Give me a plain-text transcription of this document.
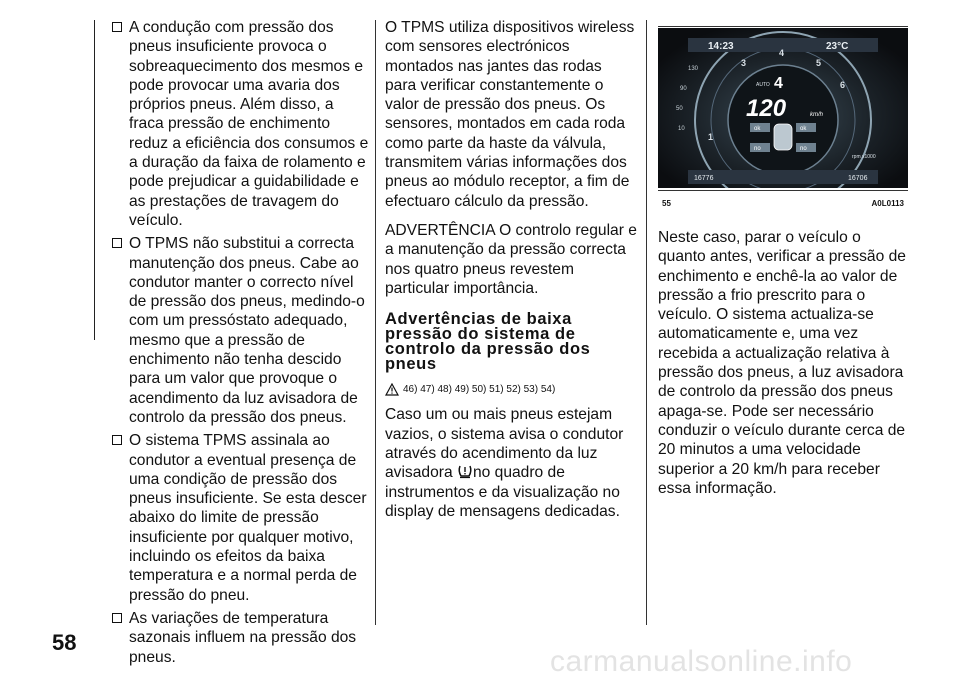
58
A condução com pressão dos pneus insuficiente provoca o sobreaquecimento dos mesmos e pode provocar uma avaria dos próprios pneus. Além disso, a fraca pressão de enchimento reduz a eficiência dos consumos e a duração da faixa de rolamento e pode prejudicar a guidabilidade e as prestações de travagem do veículo.
O TPMS não substitui a correcta manutenção dos pneus. Cabe ao condutor manter o correcto nível de pressão dos pneus, medindo-o com um pressóstato adequado, mesmo que a pressão de enchimento não tenha descido para um valor que provoque o acendimento da luz avisadora de controlo da pressão dos pneus.
O sistema TPMS assinala ao condutor a eventual presença de uma condição de pressão dos pneus insuficiente. Se esta descer abaixo do limite de pressão insuficiente por qualquer motivo, incluindo os efeitos da baixa temperatura e a normal perda de pressão do pneu.
As variações de temperatura sazonais influem na pressão dos pneus.

O TPMS utiliza dispositivos wireless com sensores electrónicos montados nas jantes das rodas para verificar constantemente o valor de pressão dos pneus. Os sensores, montados em cada roda como parte da haste da válvula, transmitem várias informações dos pneus ao módulo receptor, a fim de efectuaro cálculo da pressão.

ADVERTÊNCIA O controlo regular e a manutenção da pressão correcta nos quatro pneus revestem particular importância.

Advertências de baixa pressão do sistema de controlo da pressão dos pneus
46) 47) 48) 49) 50) 51) 52) 53) 54)

Caso um ou mais pneus estejam vazios, o sistema avisa o condutor através do acendimento da luz avisadora no quadro de instrumentos e da visualização no display de mensagens dedicadas.

14:23	23°C
3
4
5
6
1
130
90
50
10
AUTO 4
120	km/h
ok	ok
no	no
rpm x1000
16776	16706
55	A0L0113

Neste caso, parar o veículo o quanto antes, verificar a pressão de enchimento e enchê-la ao valor de pressão a frio prescrito para o veículo. O sistema actualiza-se automaticamente e, uma vez recebida a actualização relativa à pressão dos pneus, a luz avisadora de controlo da pressão dos pneus apaga-se. Pode ser necessário conduzir o veículo durante cerca de 20 minutos a uma velocidade superior a 20 km/h para receber essa informação.

carmanualsonline.info
